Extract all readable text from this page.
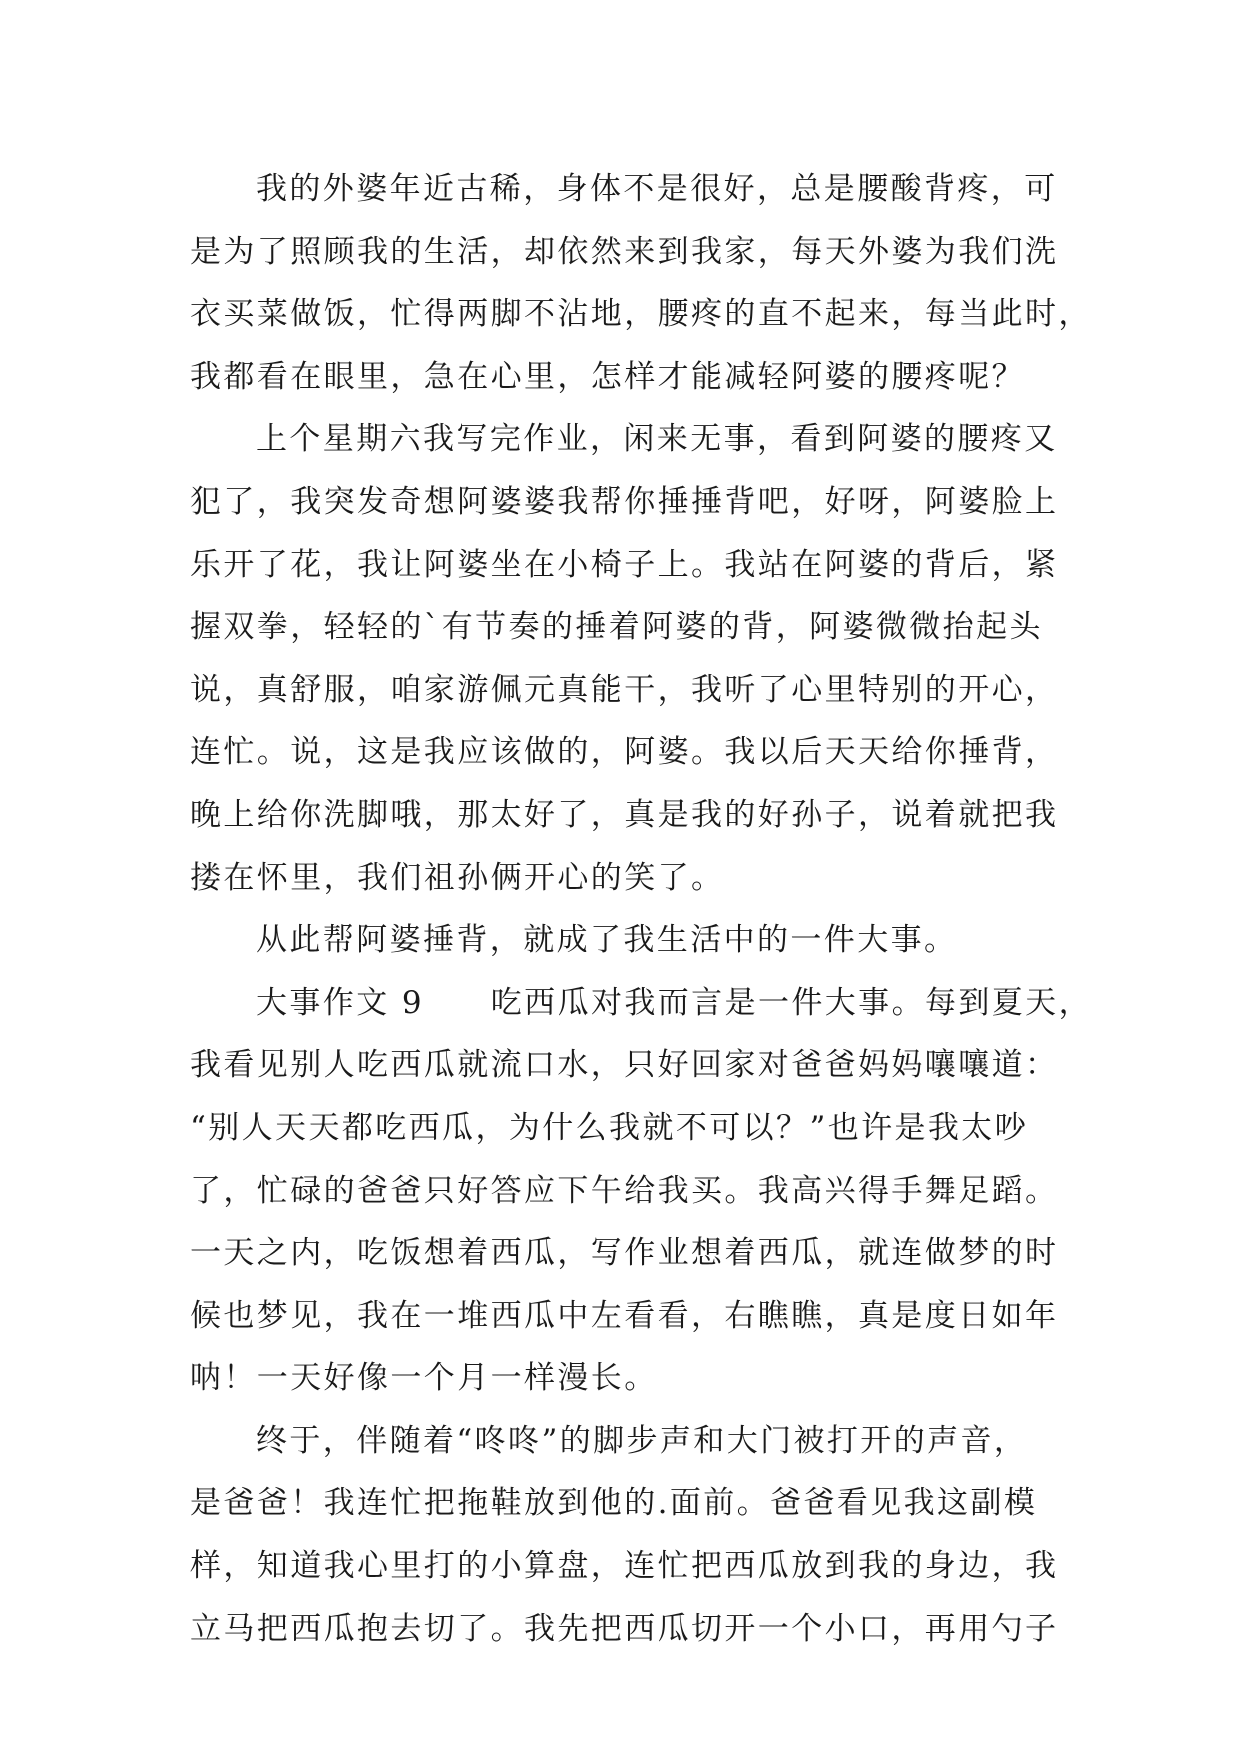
我的外婆年近古稀，身体不是很好，总是腰酸背疼，可
是为了照顾我的生活，却依然来到我家，每天外婆为我们洗
衣买菜做饭，忙得两脚不沾地，腰疼的直不起来，每当此时，
我都看在眼里，急在心里，怎样才能减轻阿婆的腰疼呢？
上个星期六我写完作业，闲来无事，看到阿婆的腰疼又
犯了，我突发奇想阿婆婆我帮你捶捶背吧，好呀，阿婆脸上
乐开了花，我让阿婆坐在小椅子上。我站在阿婆的背后，紧
握双拳，轻轻的`有节奏的捶着阿婆的背，阿婆微微抬起头
说，真舒服，咱家游佩元真能干，我听了心里特别的开心，
连忙。说，这是我应该做的，阿婆。我以后天天给你捶背，
晚上给你洗脚哦，那太好了，真是我的好孙子，说着就把我
搂在怀里，我们祖孙俩开心的笑了。
从此帮阿婆捶背，就成了我生活中的一件大事。
大事作文 9　　吃西瓜对我而言是一件大事。每到夏天，
我看见别人吃西瓜就流口水，只好回家对爸爸妈妈嚷嚷道：
“别人天天都吃西瓜，为什么我就不可以？”也许是我太吵
了，忙碌的爸爸只好答应下午给我买。我高兴得手舞足蹈。
一天之内，吃饭想着西瓜，写作业想着西瓜，就连做梦的时
候也梦见，我在一堆西瓜中左看看，右瞧瞧，真是度日如年
呐！一天好像一个月一样漫长。
终于，伴随着“咚咚”的脚步声和大门被打开的声音，
是爸爸！我连忙把拖鞋放到他的.面前。爸爸看见我这副模
样，知道我心里打的小算盘，连忙把西瓜放到我的身边，我
立马把西瓜抱去切了。我先把西瓜切开一个小口，再用勺子
